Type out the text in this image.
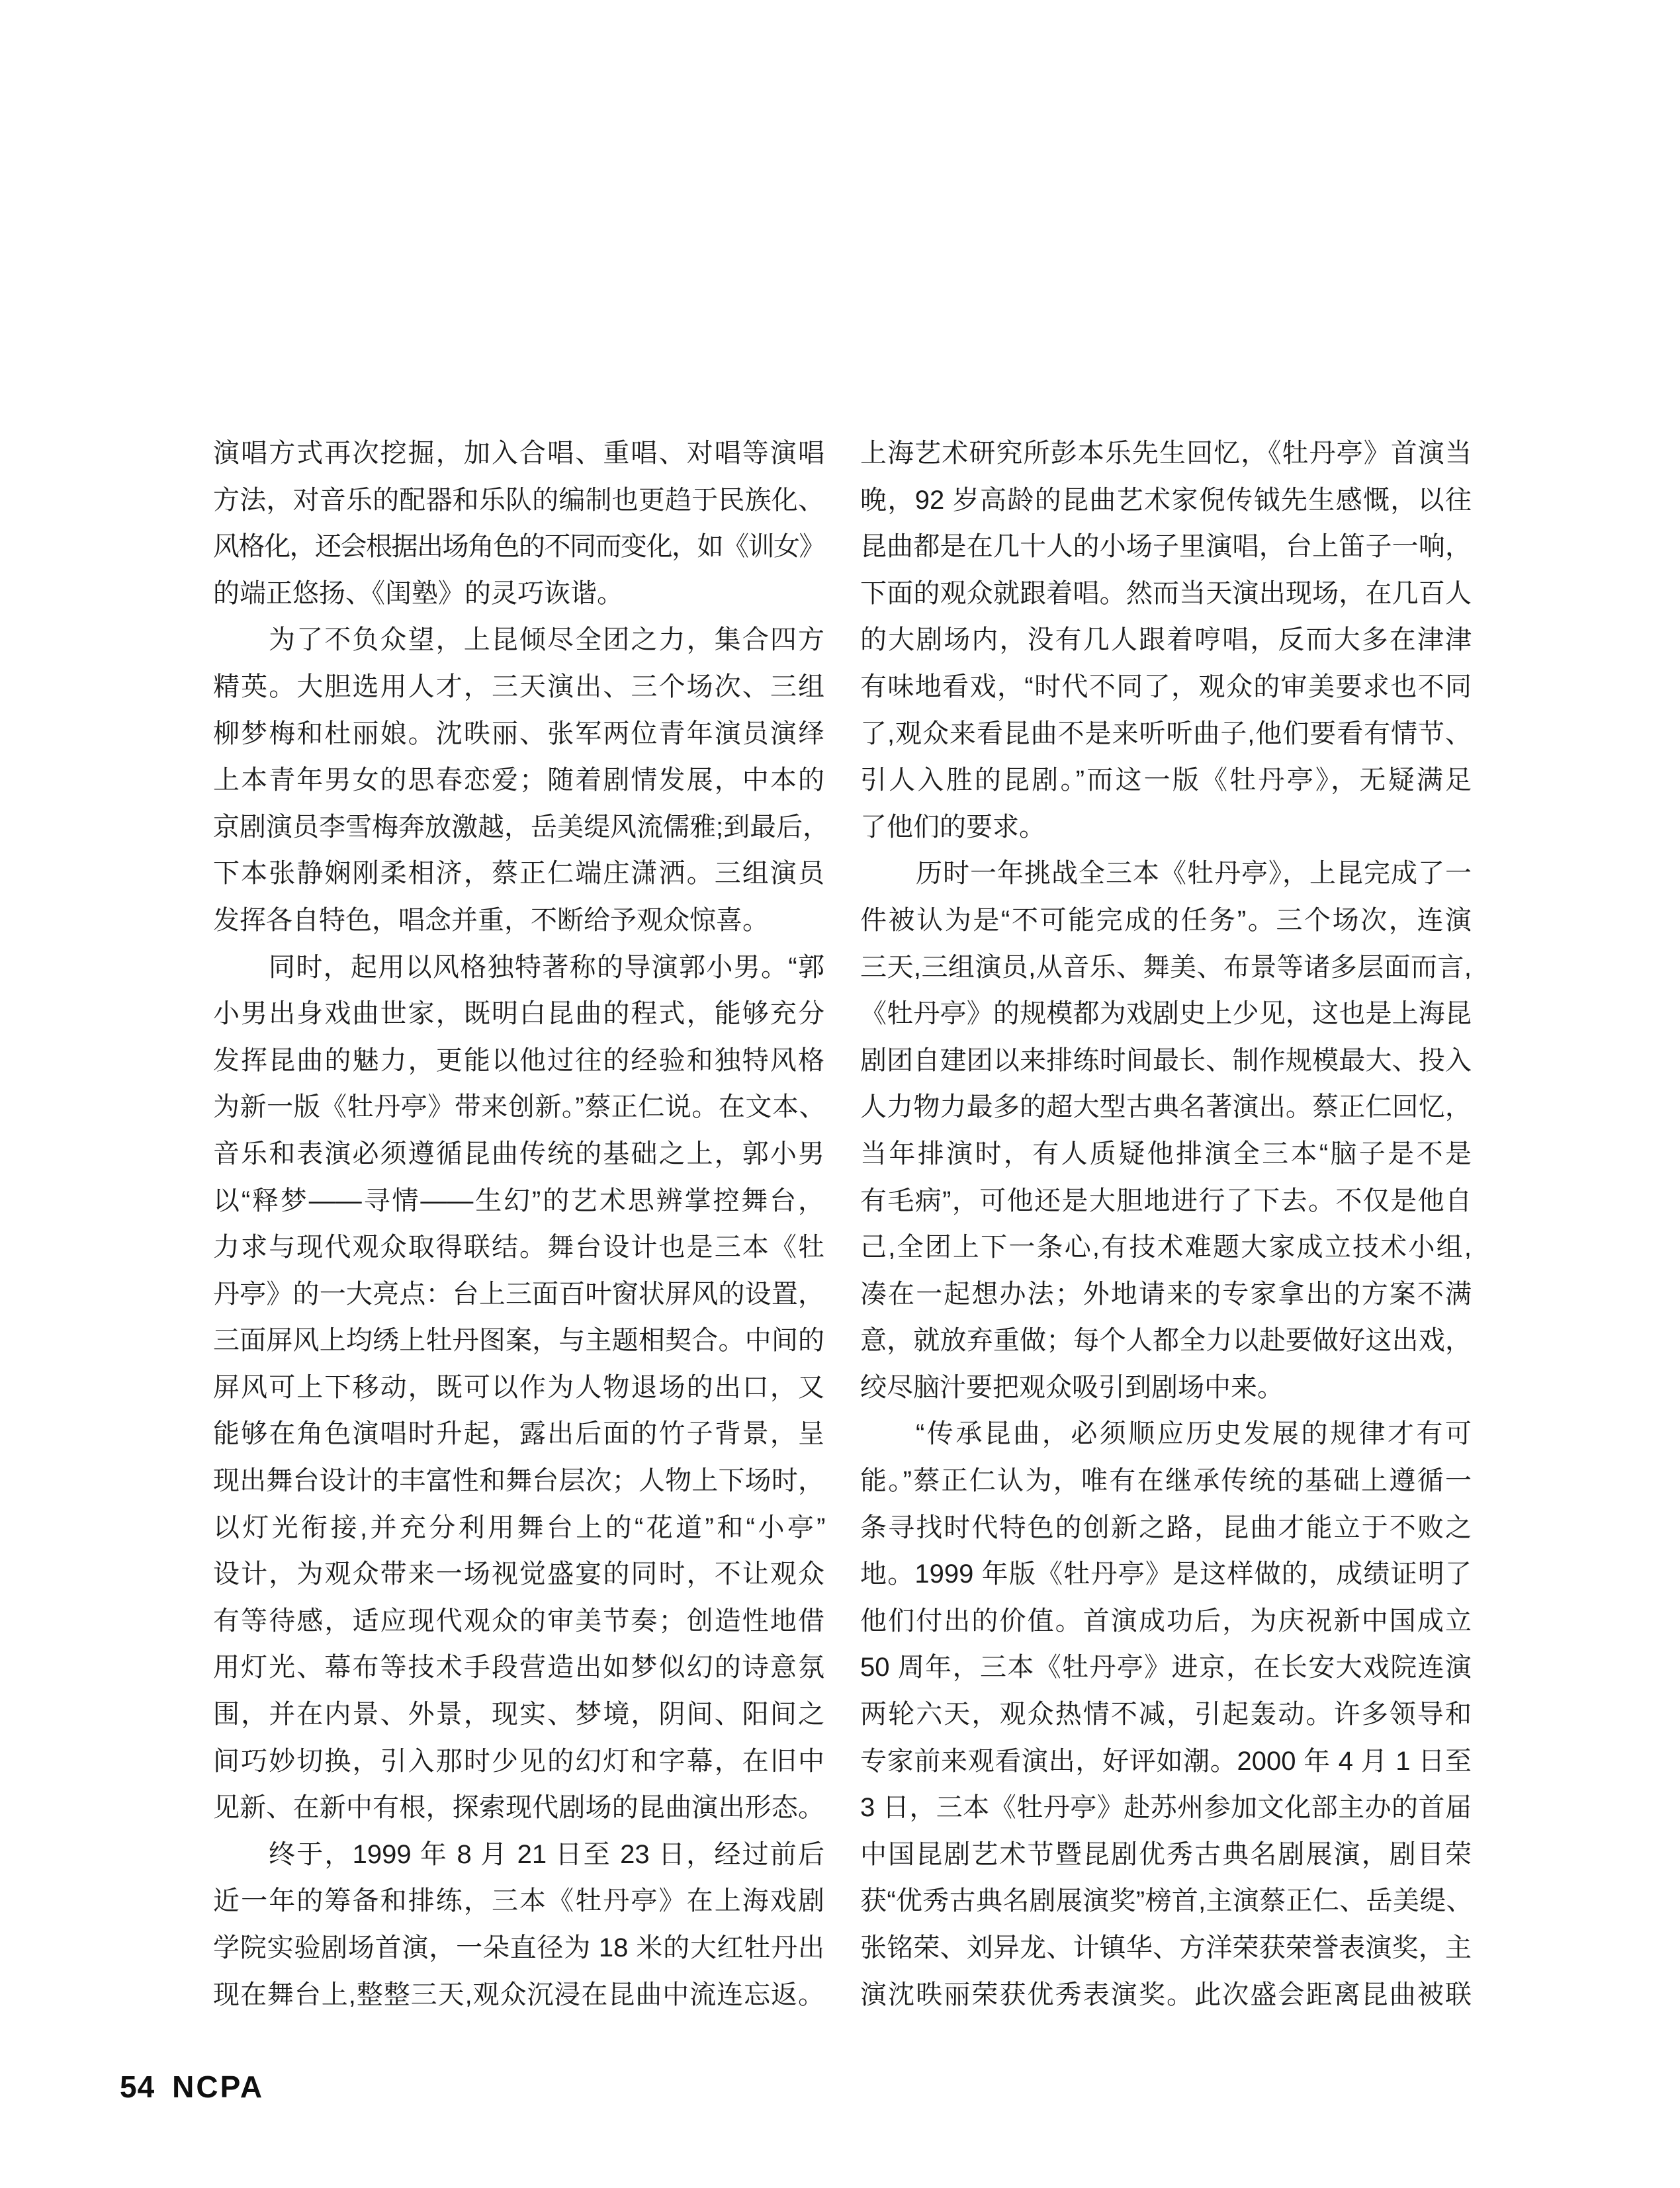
演唱方式再次挖掘，加入合唱、重唱、对唱等演唱
方法，对音乐的配器和乐队的编制也更趋于民族化、
风格化，还会根据出场角色的不同而变化，如《训女》
的端正悠扬、《闺塾》的灵巧诙谐。
为了不负众望，上昆倾尽全团之力，集合四方
精英。大胆选用人才，三天演出、三个场次、三组
柳梦梅和杜丽娘。沈昳丽、张军两位青年演员演绎
上本青年男女的思春恋爱；随着剧情发展，中本的
京剧演员李雪梅奔放激越，岳美缇风流儒雅;到最后，
下本张静娴刚柔相济，蔡正仁端庄潇洒。三组演员
发挥各自特色，唱念并重，不断给予观众惊喜。
同时，起用以风格独特著称的导演郭小男。“郭
小男出身戏曲世家，既明白昆曲的程式，能够充分
发挥昆曲的魅力，更能以他过往的经验和独特风格
为新一版《牡丹亭》带来创新。”蔡正仁说。在文本、
音乐和表演必须遵循昆曲传统的基础之上，郭小男
以“释梦——寻情——生幻”的艺术思辨掌控舞台，
力求与现代观众取得联结。舞台设计也是三本《牡
丹亭》的一大亮点：台上三面百叶窗状屏风的设置，
三面屏风上均绣上牡丹图案，与主题相契合。中间的
屏风可上下移动，既可以作为人物退场的出口，又
能够在角色演唱时升起，露出后面的竹子背景，呈
现出舞台设计的丰富性和舞台层次；人物上下场时，
以灯光衔接,并充分利用舞台上的“花道”和“小亭”
设计，为观众带来一场视觉盛宴的同时，不让观众
有等待感，适应现代观众的审美节奏；创造性地借
用灯光、幕布等技术手段营造出如梦似幻的诗意氛
围，并在内景、外景，现实、梦境，阴间、阳间之
间巧妙切换，引入那时少见的幻灯和字幕，在旧中
见新、在新中有根，探索现代剧场的昆曲演出形态。
终于，1999 年 8 月 21 日至 23 日，经过前后
近一年的筹备和排练，三本《牡丹亭》在上海戏剧
学院实验剧场首演，一朵直径为 18 米的大红牡丹出
现在舞台上,整整三天,观众沉浸在昆曲中流连忘返。
上海艺术研究所彭本乐先生回忆，《牡丹亭》首演当
晚，92 岁高龄的昆曲艺术家倪传钺先生感慨，以往
昆曲都是在几十人的小场子里演唱，台上笛子一响，
下面的观众就跟着唱。然而当天演出现场，在几百人
的大剧场内，没有几人跟着哼唱，反而大多在津津
有味地看戏，“时代不同了，观众的审美要求也不同
了,观众来看昆曲不是来听听曲子,他们要看有情节、
引人入胜的昆剧。”而这一版《牡丹亭》，无疑满足
了他们的要求。
历时一年挑战全三本《牡丹亭》，上昆完成了一
件被认为是“不可能完成的任务”。三个场次，连演
三天,三组演员,从音乐、舞美、布景等诸多层面而言,
《牡丹亭》的规模都为戏剧史上少见，这也是上海昆
剧团自建团以来排练时间最长、制作规模最大、投入
人力物力最多的超大型古典名著演出。蔡正仁回忆，
当年排演时，有人质疑他排演全三本“脑子是不是
有毛病”，可他还是大胆地进行了下去。不仅是他自
己,全团上下一条心,有技术难题大家成立技术小组,
凑在一起想办法；外地请来的专家拿出的方案不满
意，就放弃重做；每个人都全力以赴要做好这出戏，
绞尽脑汁要把观众吸引到剧场中来。
“传承昆曲，必须顺应历史发展的规律才有可
能。”蔡正仁认为，唯有在继承传统的基础上遵循一
条寻找时代特色的创新之路，昆曲才能立于不败之
地。1999 年版《牡丹亭》是这样做的，成绩证明了
他们付出的价值。首演成功后，为庆祝新中国成立
50 周年，三本《牡丹亭》进京，在长安大戏院连演
两轮六天，观众热情不减，引起轰动。许多领导和
专家前来观看演出，好评如潮。2000 年 4 月 1 日至
3 日，三本《牡丹亭》赴苏州参加文化部主办的首届
中国昆剧艺术节暨昆剧优秀古典名剧展演，剧目荣
获“优秀古典名剧展演奖”榜首,主演蔡正仁、岳美缇、
张铭荣、刘异龙、计镇华、方洋荣获荣誉表演奖，主
演沈昳丽荣获优秀表演奖。此次盛会距离昆曲被联
54 NCPA
